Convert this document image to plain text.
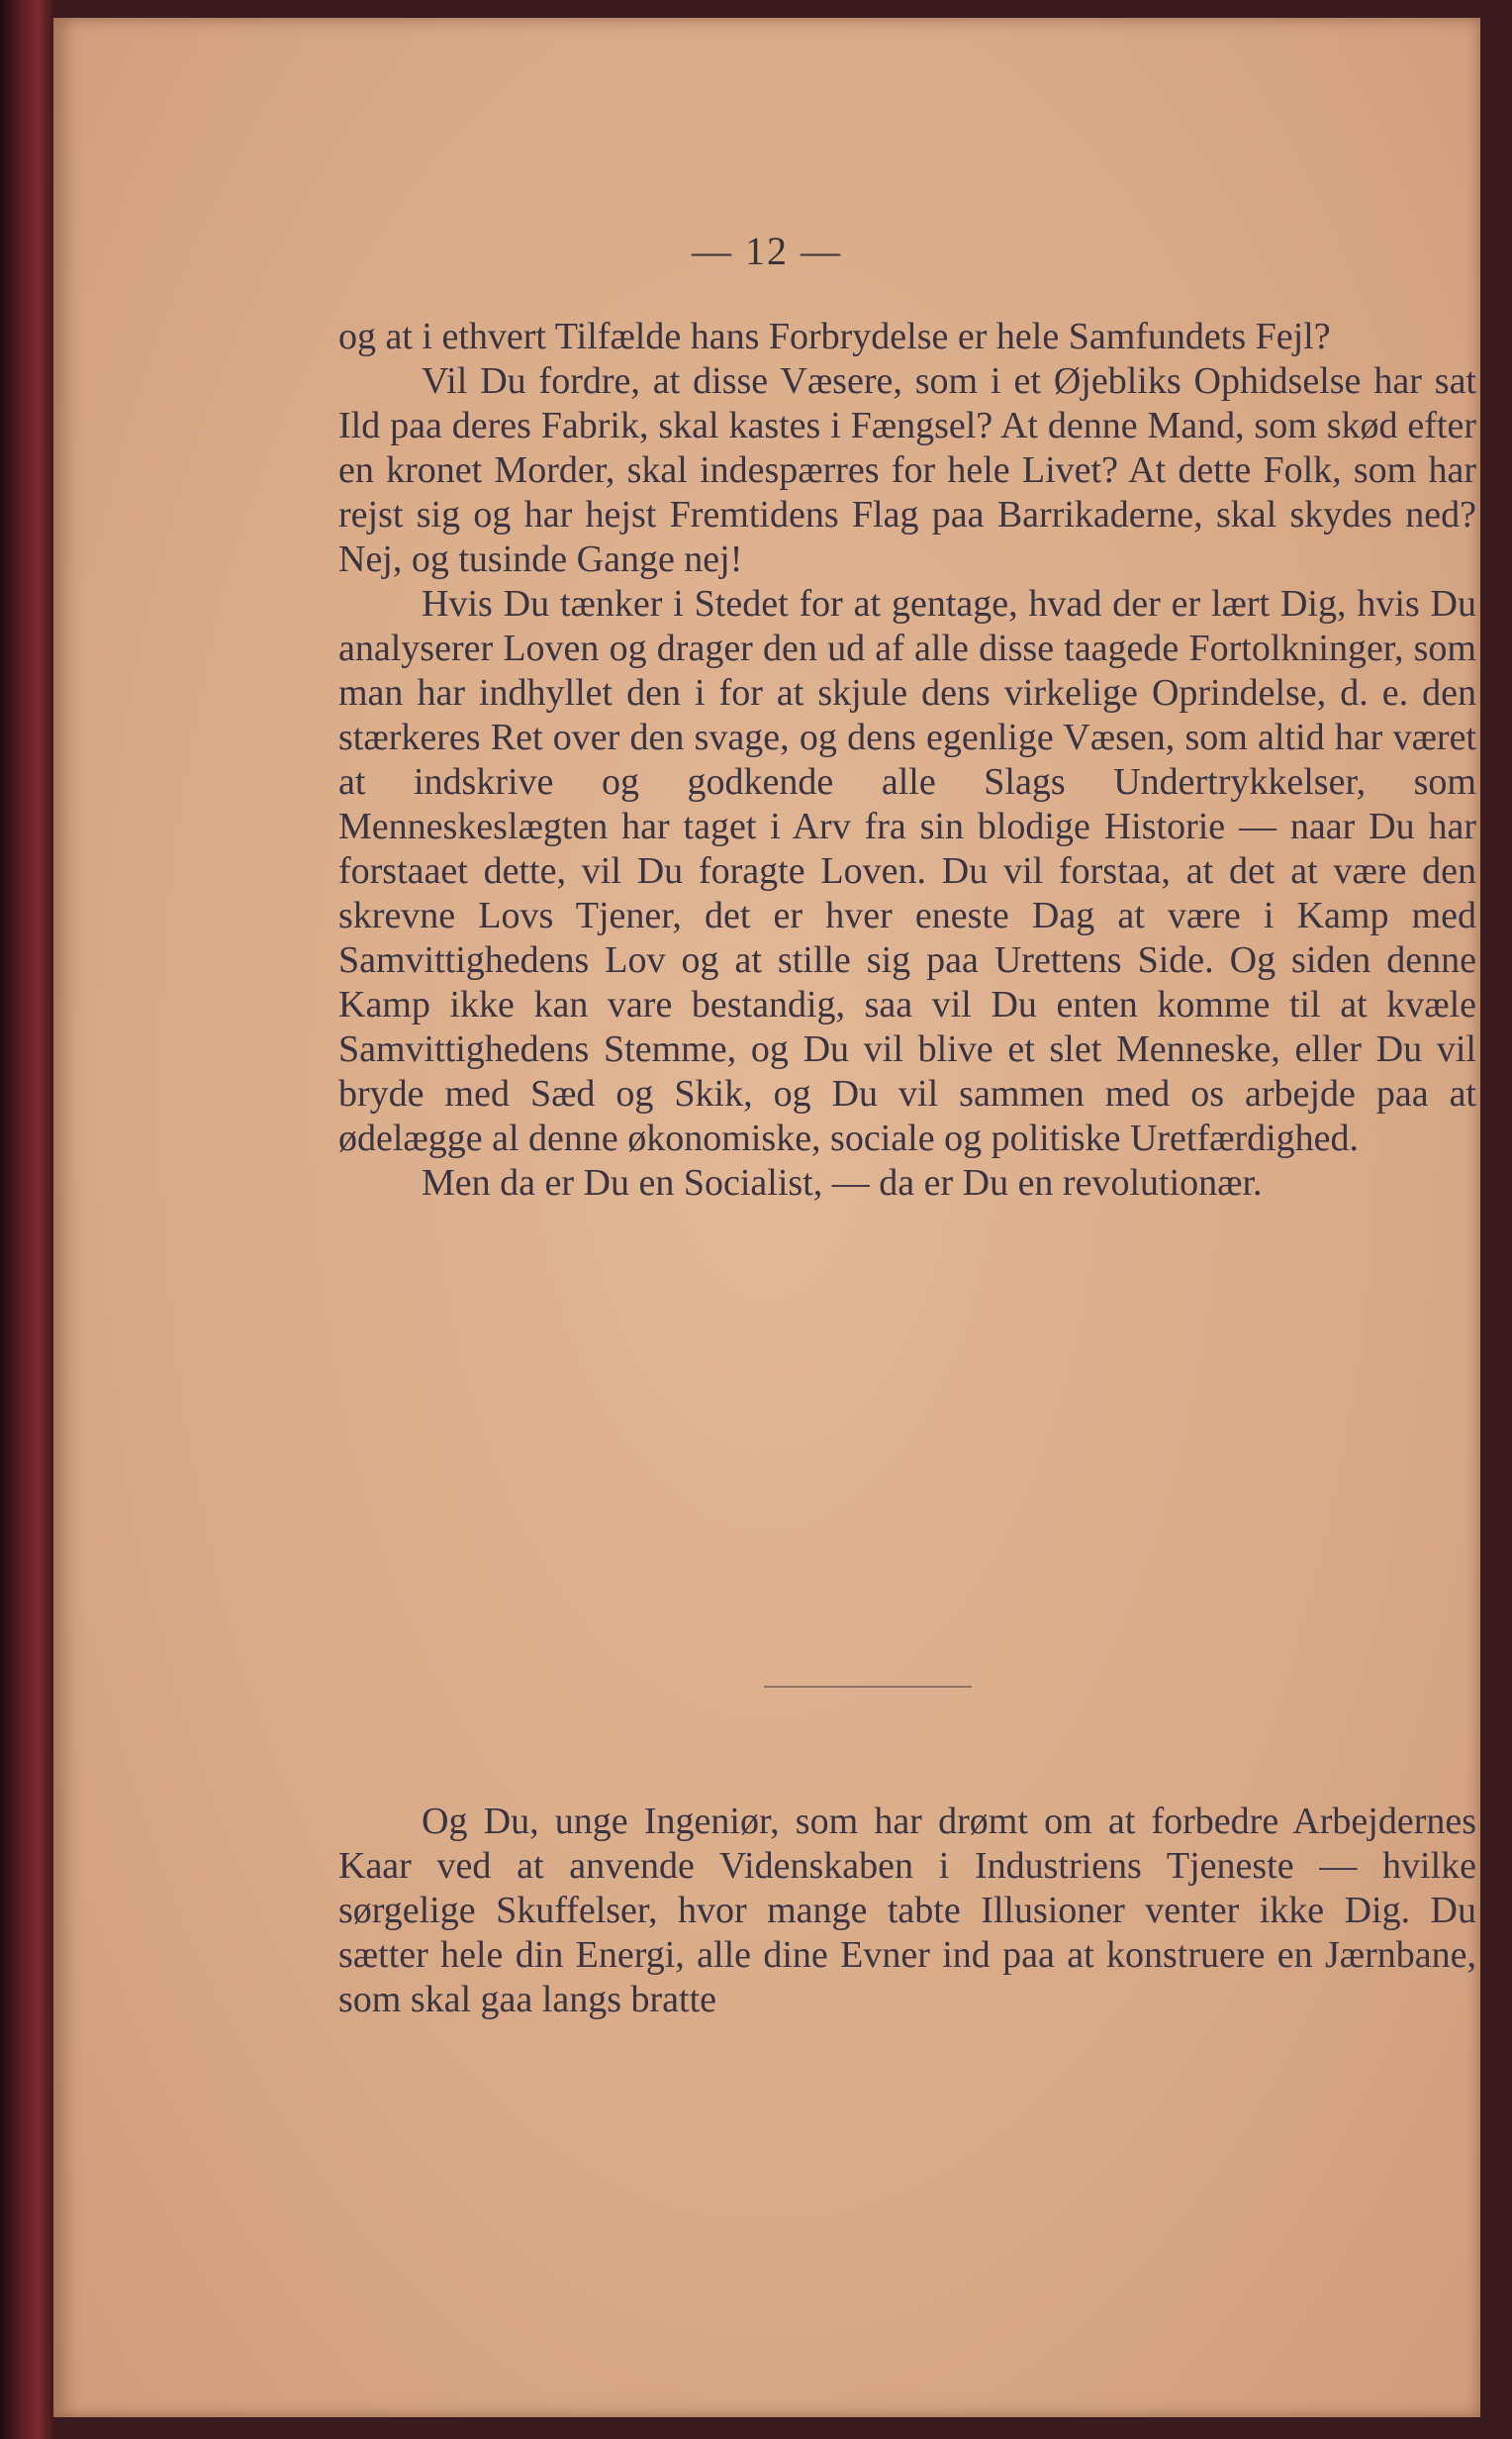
— 12 —

og at i ethvert Tilfælde hans Forbrydelse er hele Samfundets Fejl?

Vil Du fordre, at disse Væsere, som i et Øjebliks Ophidselse har sat Ild paa deres Fabrik, skal kastes i Fængsel? At denne Mand, som skød efter en kronet Morder, skal indespærres for hele Livet? At dette Folk, som har rejst sig og har hejst Fremtidens Flag paa Barrikaderne, skal skydes ned? Nej, og tusinde Gange nej!

Hvis Du tænker i Stedet for at gentage, hvad der er lært Dig, hvis Du analyserer Loven og drager den ud af alle disse taagede Fortolkninger, som man har indhyllet den i for at skjule dens virkelige Oprindelse, d. e. den stærkeres Ret over den svage, og dens egenlige Væsen, som altid har været at indskrive og godkende alle Slags Undertrykkelser, som Menneskeslægten har taget i Arv fra sin blodige Historie — naar Du har forstaaet dette, vil Du foragte Loven. Du vil forstaa, at det at være den skrevne Lovs Tjener, det er hver eneste Dag at være i Kamp med Samvittighedens Lov og at stille sig paa Urettens Side. Og siden denne Kamp ikke kan vare bestandig, saa vil Du enten komme til at kvæle Samvittighedens Stemme, og Du vil blive et slet Menneske, eller Du vil bryde med Sæd og Skik, og Du vil sammen med os arbejde paa at ødelægge al denne økonomiske, sociale og politiske Uretfærdighed.

Men da er Du en Socialist, — da er Du en revolutionær.

Og Du, unge Ingeniør, som har drømt om at forbedre Arbejdernes Kaar ved at anvende Videnskaben i Industriens Tjeneste — hvilke sørgelige Skuffelser, hvor mange tabte Illusioner venter ikke Dig. Du sætter hele din Energi, alle dine Evner ind paa at konstruere en Jærnbane, som skal gaa langs bratte
